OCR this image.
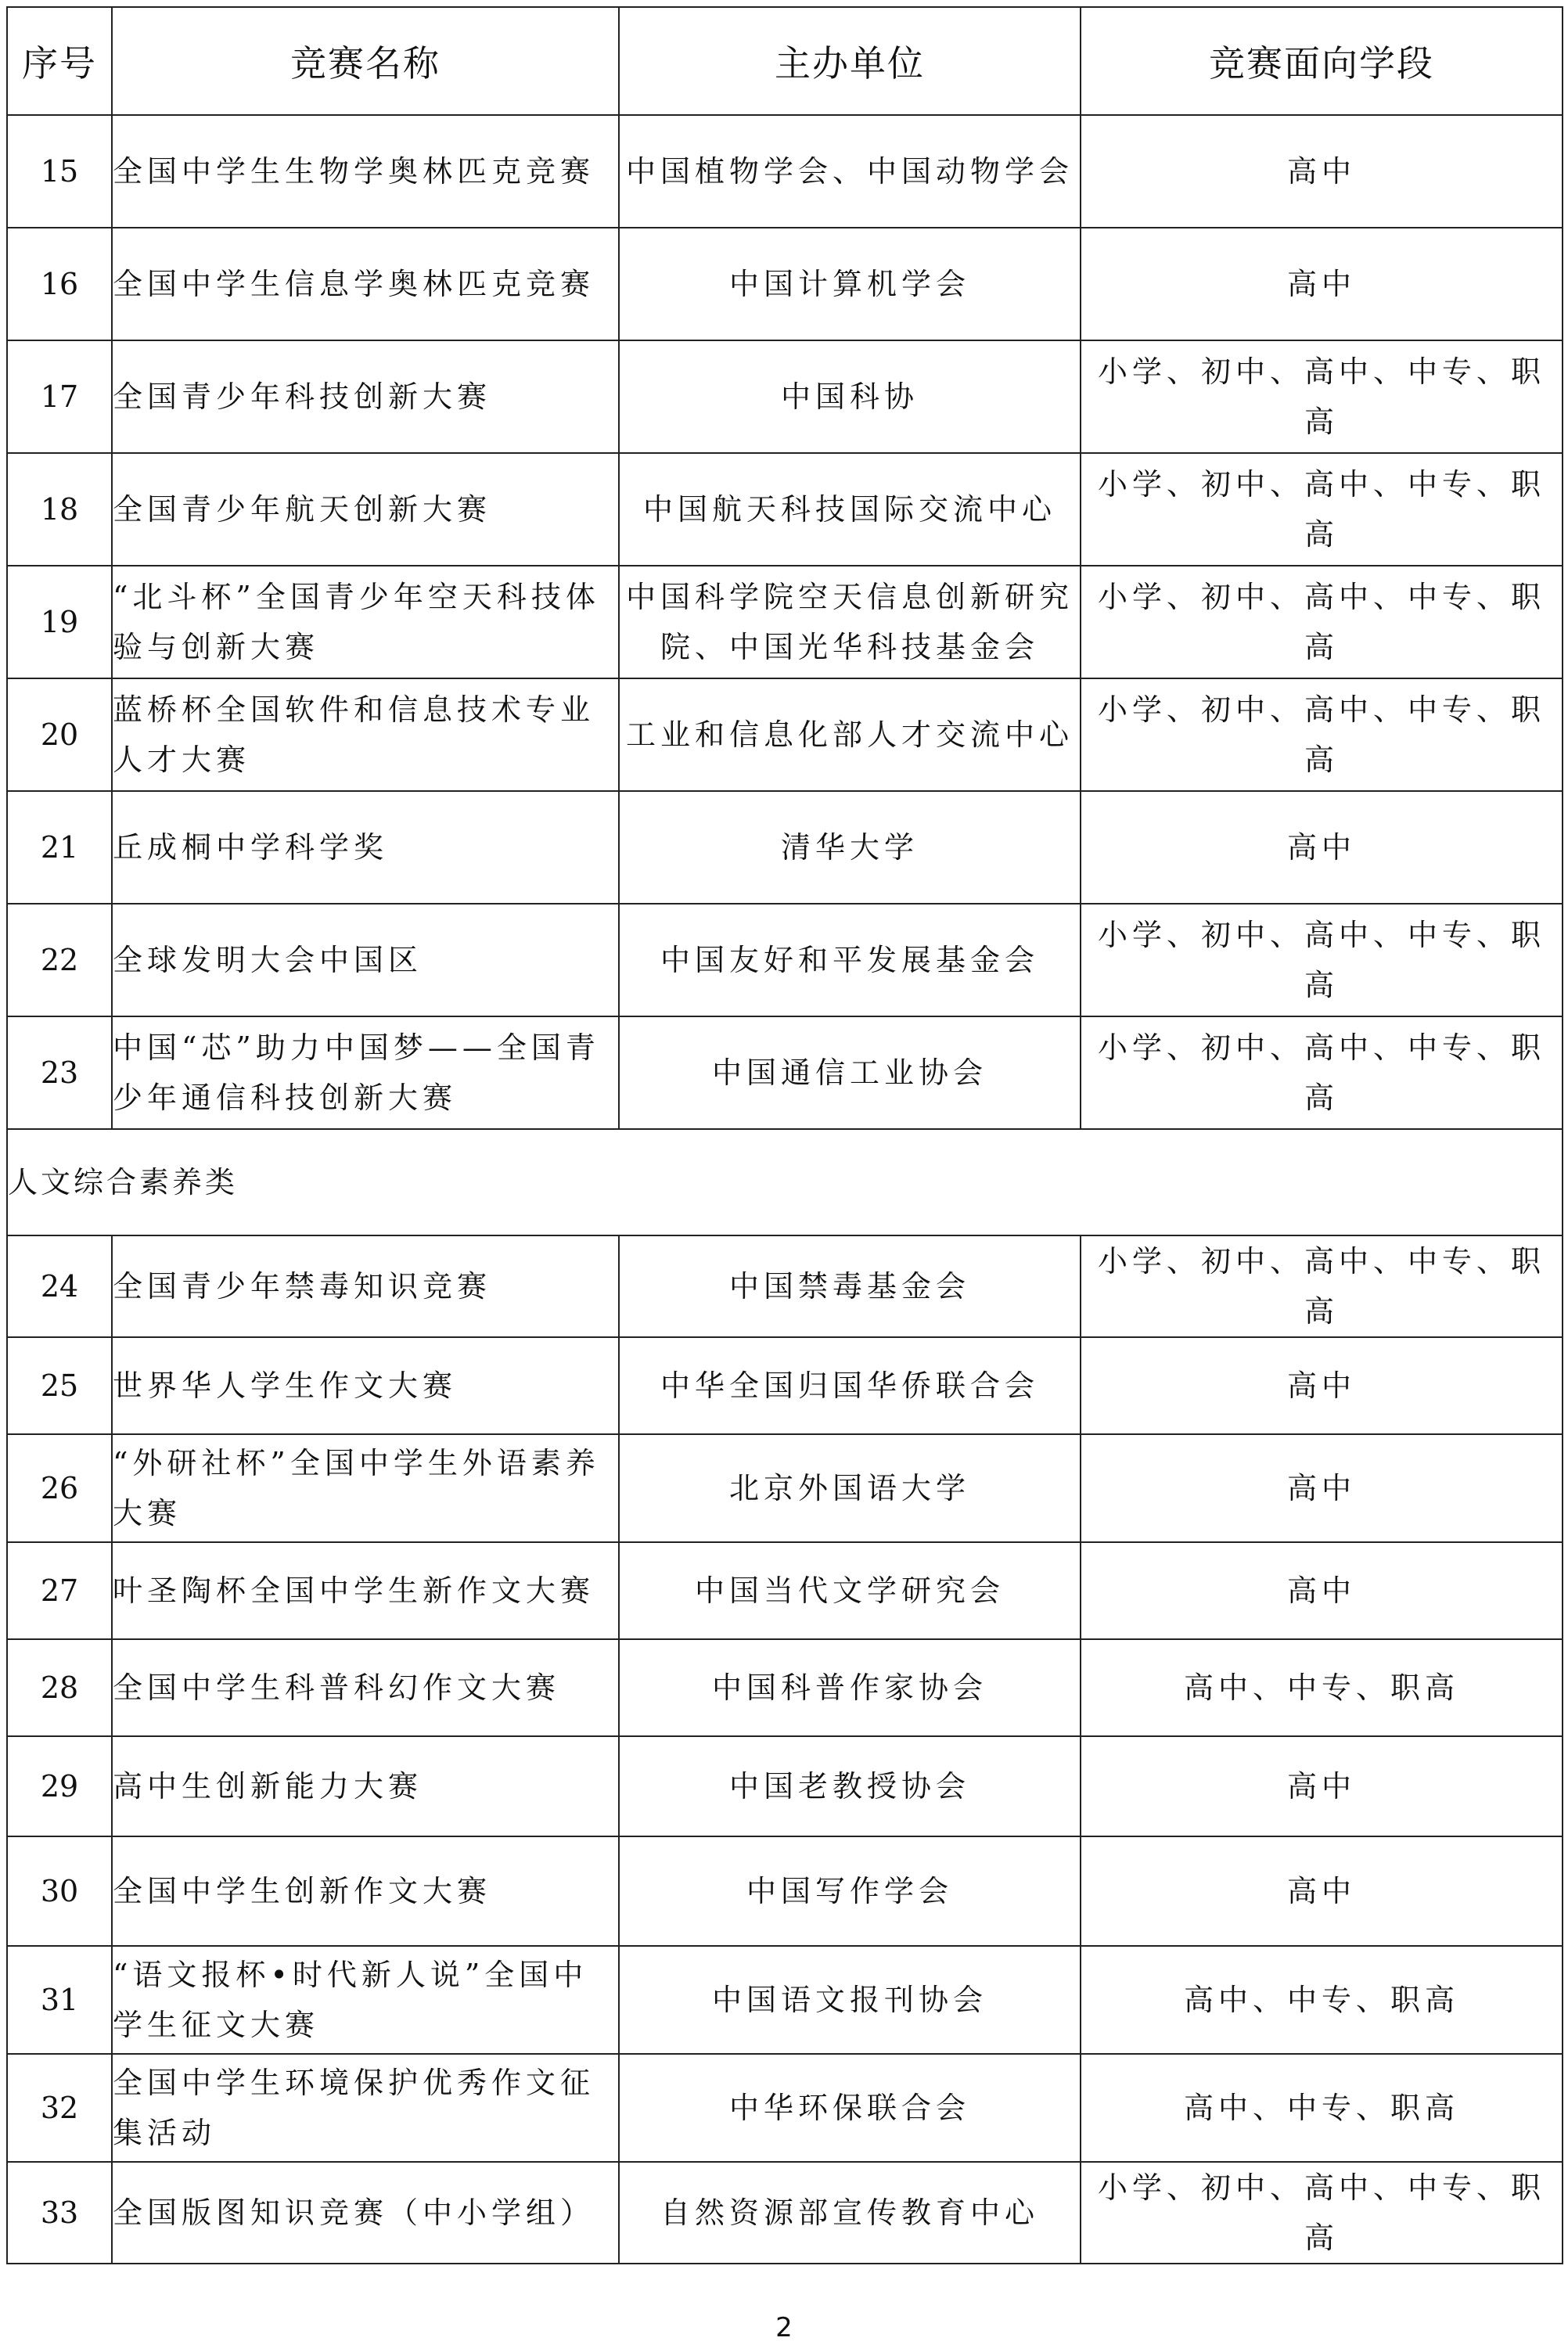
序号	竞赛名称	主办单位	竞赛面向学段
15	全国中学生生物学奥林匹克竞赛	中国植物学会、中国动物学会	高中
16	全国中学生信息学奥林匹克竞赛	中国计算机学会	高中
17	全国青少年科技创新大赛	中国科协	小学、初中、高中、中专、职高
18	全国青少年航天创新大赛	中国航天科技国际交流中心	小学、初中、高中、中专、职高
19	“北斗杯”全国青少年空天科技体验与创新大赛	中国科学院空天信息创新研究院、中国光华科技基金会	小学、初中、高中、中专、职高
20	蓝桥杯全国软件和信息技术专业人才大赛	工业和信息化部人才交流中心	小学、初中、高中、中专、职高
21	丘成桐中学科学奖	清华大学	高中
22	全球发明大会中国区	中国友好和平发展基金会	小学、初中、高中、中专、职高
23	中国“芯”助力中国梦——全国青少年通信科技创新大赛	中国通信工业协会	小学、初中、高中、中专、职高
人文综合素养类			
24	全国青少年禁毒知识竞赛	中国禁毒基金会	小学、初中、高中、中专、职高
25	世界华人学生作文大赛	中华全国归国华侨联合会	高中
26	“外研社杯”全国中学生外语素养大赛	北京外国语大学	高中
27	叶圣陶杯全国中学生新作文大赛	中国当代文学研究会	高中
28	全国中学生科普科幻作文大赛	中国科普作家协会	高中、中专、职高
29	高中生创新能力大赛	中国老教授协会	高中
30	全国中学生创新作文大赛	中国写作学会	高中
31	“语文报杯•时代新人说”全国中学生征文大赛	中国语文报刊协会	高中、中专、职高
32	全国中学生环境保护优秀作文征集活动	中华环保联合会	高中、中专、职高
33	全国版图知识竞赛（中小学组）	自然资源部宣传教育中心	小学、初中、高中、中专、职高
2
